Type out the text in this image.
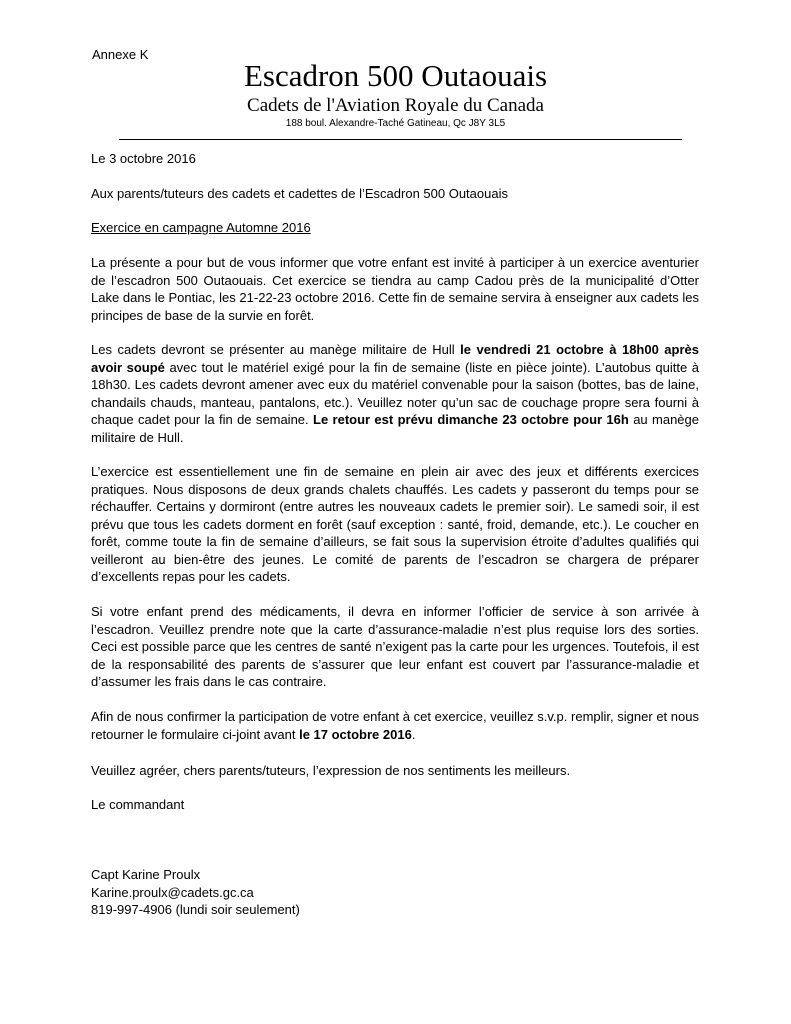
Annexe K
Escadron 500 Outaouais
Cadets de l'Aviation Royale du Canada
188 boul. Alexandre-Taché Gatineau, Qc J8Y 3L5
Le 3 octobre 2016
Aux parents/tuteurs des cadets et cadettes de l’Escadron 500 Outaouais
Exercice en campagne Automne 2016
La présente a pour but de vous informer que votre enfant est invité à participer à un exercice aventurier de l’escadron 500 Outaouais. Cet exercice se tiendra au camp Cadou près de la municipalité d’Otter Lake dans le Pontiac, les 21-22-23 octobre 2016. Cette fin de semaine servira à enseigner aux cadets les principes de base de la survie en forêt.
Les cadets devront se présenter au manège militaire de Hull le vendredi 21 octobre à 18h00 après avoir soupé avec tout le matériel exigé pour la fin de semaine (liste en pièce jointe). L’autobus quitte à 18h30. Les cadets devront amener avec eux du matériel convenable pour la saison (bottes, bas de laine, chandails chauds, manteau, pantalons, etc.). Veuillez noter qu’un sac de couchage propre sera fourni à chaque cadet pour la fin de semaine. Le retour est prévu dimanche 23 octobre pour 16h au manège militaire de Hull.
L’exercice est essentiellement une fin de semaine en plein air avec des jeux et différents exercices pratiques. Nous disposons de deux grands chalets chauffés. Les cadets y passeront du temps pour se réchauffer. Certains y dormiront (entre autres les nouveaux cadets le premier soir). Le samedi soir, il est prévu que tous les cadets dorment en forêt (sauf exception : santé, froid, demande, etc.). Le coucher en forêt, comme toute la fin de semaine d’ailleurs, se fait sous la supervision étroite d’adultes qualifiés qui veilleront au bien-être des jeunes. Le comité de parents de l’escadron se chargera de préparer d’excellents repas pour les cadets.
Si votre enfant prend des médicaments, il devra en informer l’officier de service à son arrivée à l’escadron. Veuillez prendre note que la carte d’assurance-maladie n’est plus requise lors des sorties. Ceci est possible parce que les centres de santé n’exigent pas la carte pour les urgences. Toutefois, il est de la responsabilité des parents de s’assurer que leur enfant est couvert par l’assurance-maladie et d’assumer les frais dans le cas contraire.
Afin de nous confirmer la participation de votre enfant à cet exercice, veuillez s.v.p. remplir, signer et nous retourner le formulaire ci-joint avant le 17 octobre 2016.
Veuillez agréer, chers parents/tuteurs, l’expression de nos sentiments les meilleurs.
Le commandant
Capt Karine Proulx
Karine.proulx@cadets.gc.ca
819-997-4906 (lundi soir seulement)
